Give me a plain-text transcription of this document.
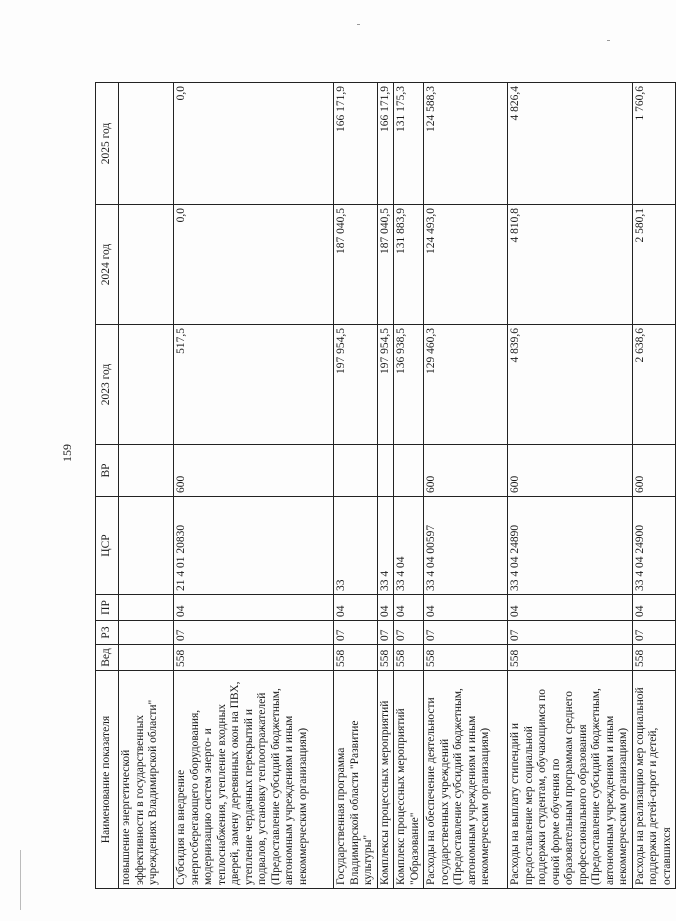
159
Наименование показателя	Вед	РЗ	ПР	ЦСР	ВР	2023 год	2024 год	2025 год
повышение энергетической эффективности в государственных учреждениях Владимирской области"								
Субсидия на внедрение энергосберегающего оборудования, модернизацию систем энерго- и теплоснабжения, утепление входных дверей, замену деревянных окон на ПВХ, утепление чердачных перекрытий и подвалов, установку теплоотражателей (Предоставление субсидий бюджетным, автономным учреждениям и иным некоммерческим организациям)	558	07	04	21 4 01 20830	600	517,5	0,0	0,0
Государственная программа Владимирской области "Развитие культуры"	558	07	04	33		197 954,5	187 040,5	166 171,9
Комплексы процессных мероприятий	558	07	04	33 4		197 954,5	187 040,5	166 171,9
Комплекс процессных мероприятий "Образование"	558	07	04	33 4 04		136 938,5	131 883,9	131 175,3
Расходы на обеспечение деятельности государственных учреждений (Предоставление субсидий бюджетным, автономным учреждениям и иным некоммерческим организациям)	558	07	04	33 4 04 00597	600	129 460,3	124 493,0	124 588,3
Расходы на выплату стипендий и предоставление мер социальной поддержки студентам, обучающимся по очной форме обучения по образовательным программам среднего профессионального образования (Предоставление субсидий бюджетным, автономным учреждениям и иным некоммерческим организациям)	558	07	04	33 4 04 24890	600	4 839,6	4 810,8	4 826,4
Расходы на реализацию мер социальной поддержки детей-сирот и детей, оставшихся	558	07	04	33 4 04 24900	600	2 638,6	2 580,1	1 760,6
